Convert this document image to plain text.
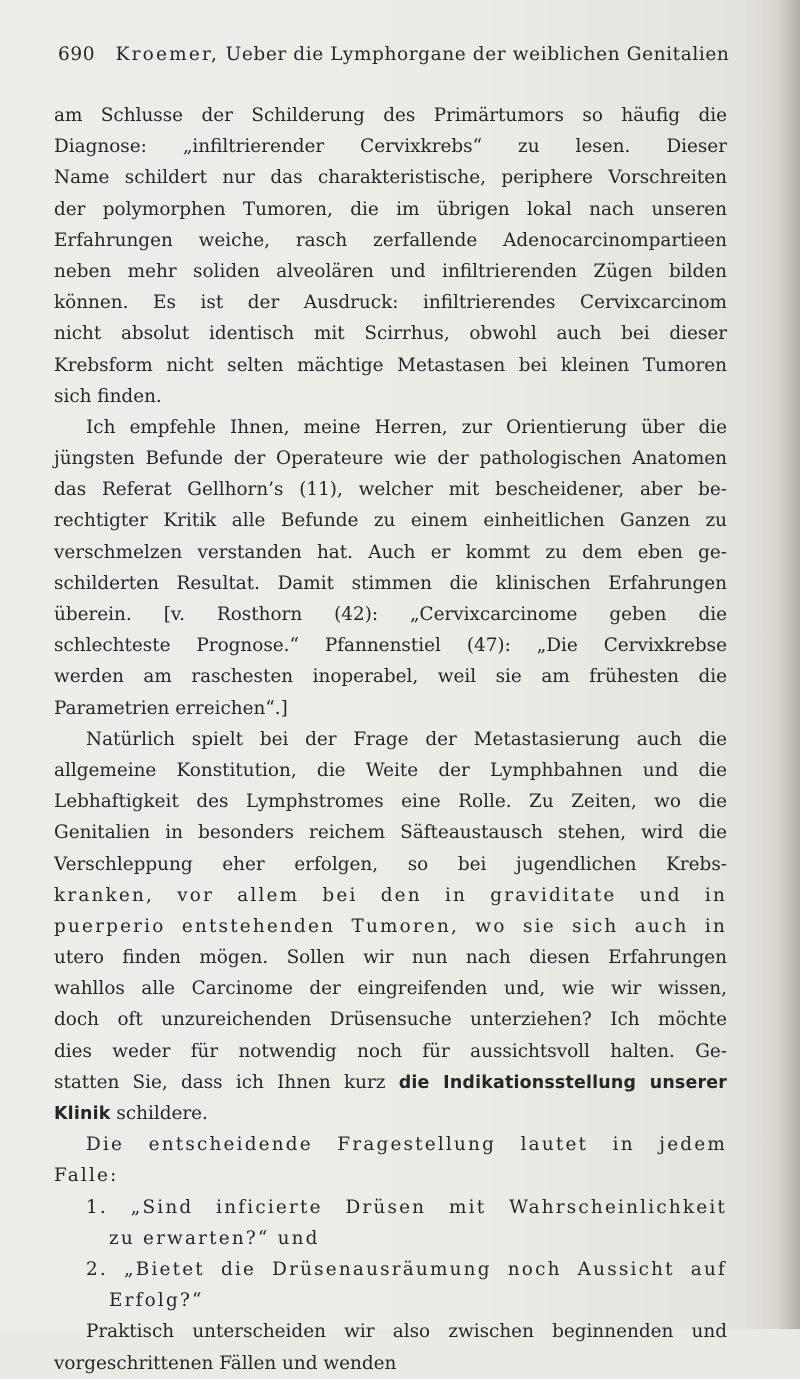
690 Kroemer, Ueber die Lymphorgane der weiblichen Genitalien
am Schlusse der Schilderung des Primärtumors so häufig die
Diagnose: „infiltrierender Cervixkrebs“ zu lesen. Dieser
Name schildert nur das charakteristische, periphere Vorschreiten
der polymorphen Tumoren, die im übrigen lokal nach unseren
Erfahrungen weiche, rasch zerfallende Adenocarcinompartieen
neben mehr soliden alveolären und infiltrierenden Zügen bilden
können. Es ist der Ausdruck: infiltrierendes Cervixcarcinom
nicht absolut identisch mit Scirrhus, obwohl auch bei dieser
Krebsform nicht selten mächtige Metastasen bei kleinen Tumoren
sich finden.
Ich empfehle Ihnen, meine Herren, zur Orientierung über die
jüngsten Befunde der Operateure wie der pathologischen Anatomen
das Referat Gellhorn’s (11), welcher mit bescheidener, aber be-
rechtigter Kritik alle Befunde zu einem einheitlichen Ganzen zu
verschmelzen verstanden hat. Auch er kommt zu dem eben ge-
schilderten Resultat. Damit stimmen die klinischen Erfahrungen
überein. [v. Rosthorn (42): „Cervixcarcinome geben die
schlechteste Prognose.“ Pfannenstiel (47): „Die Cervixkrebse
werden am raschesten inoperabel, weil sie am frühesten die
Parametrien erreichen“.]
Natürlich spielt bei der Frage der Metastasierung auch die
allgemeine Konstitution, die Weite der Lymphbahnen und die
Lebhaftigkeit des Lymphstromes eine Rolle. Zu Zeiten, wo die
Genitalien in besonders reichem Säfteaustausch stehen, wird die
Verschleppung eher erfolgen, so bei jugendlichen Krebs-
kranken, vor allem bei den in graviditate und in
puerperio entstehenden Tumoren, wo sie sich auch in
utero finden mögen. Sollen wir nun nach diesen Erfahrungen
wahllos alle Carcinome der eingreifenden und, wie wir wissen,
doch oft unzureichenden Drüsensuche unterziehen? Ich möchte
dies weder für notwendig noch für aussichtsvoll halten. Ge-
statten Sie, dass ich Ihnen kurz die Indikationsstellung unserer
Klinik schildere.
Die entscheidende Fragestellung lautet in jedem
Falle:
1. „Sind inficierte Drüsen mit Wahrscheinlichkeit
zu erwarten?“ und
2. „Bietet die Drüsenausräumung noch Aussicht auf
Erfolg?“
Praktisch unterscheiden wir also zwischen beginnenden und
vorgeschrittenen Fällen und wenden
